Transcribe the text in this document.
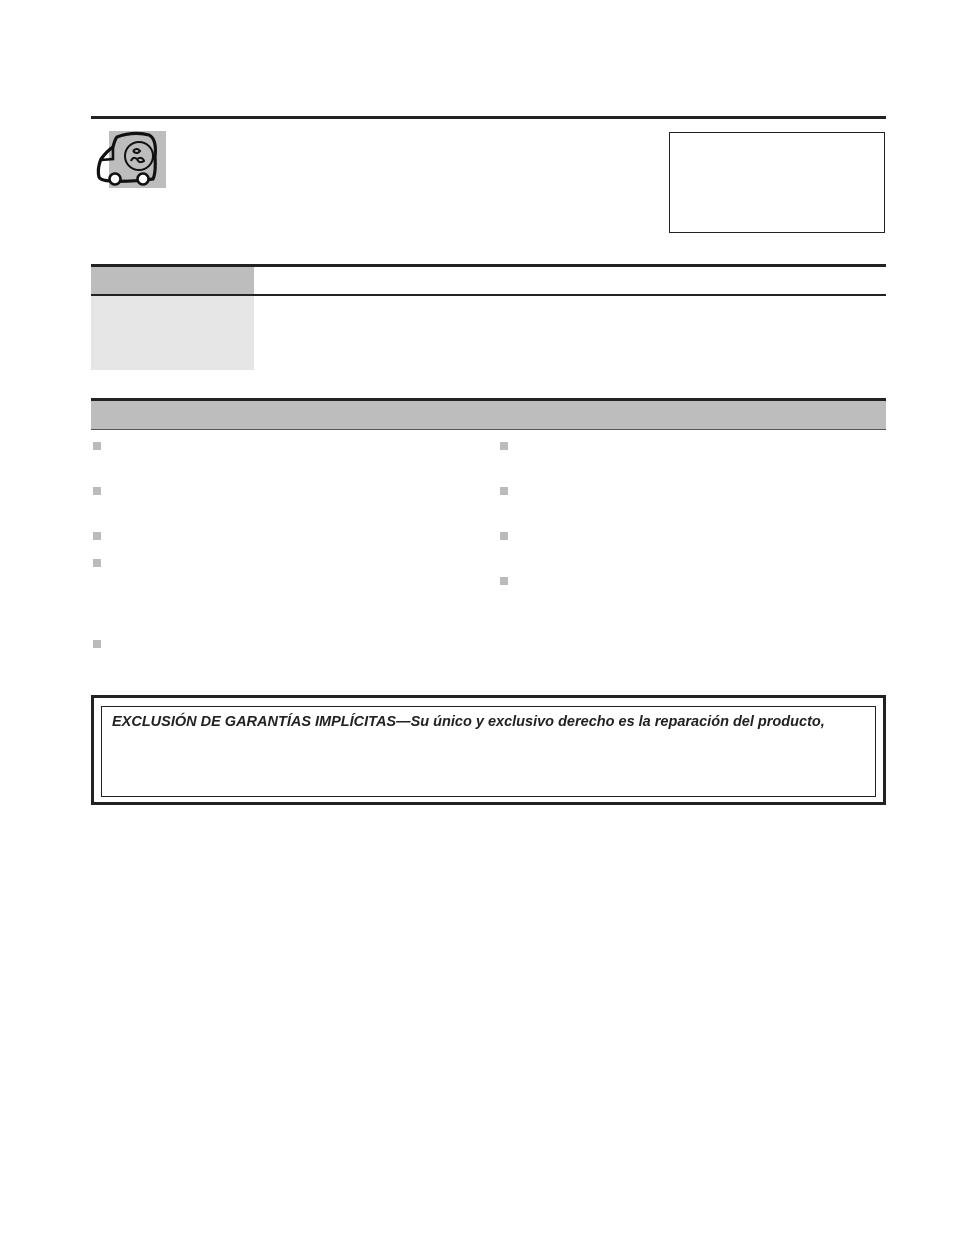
EXCLUSIÓN DE GARANTÍAS IMPLÍCITAS—Su único y exclusivo derecho es la reparación del producto,
